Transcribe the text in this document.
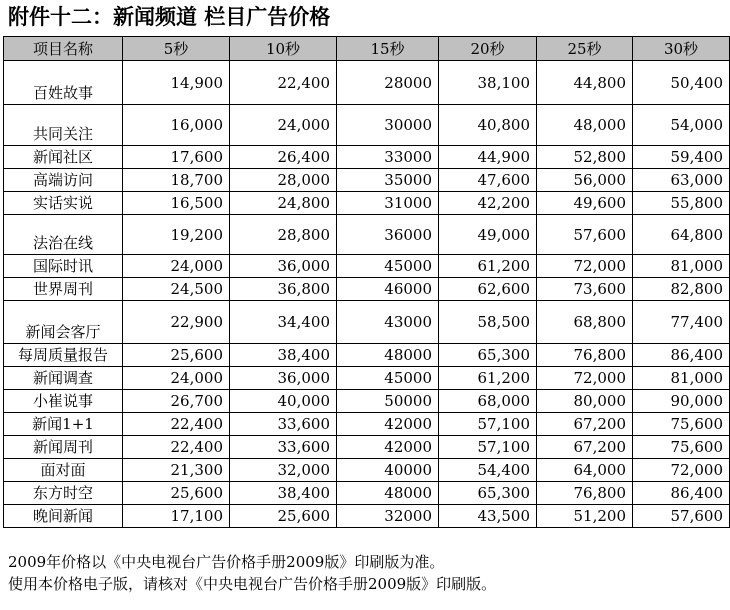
附件十二：新闻频道 栏目广告价格
项目名称	5秒	10秒	15秒	20秒	25秒	30秒
百姓故事	14,900	22,400	28000	38,100	44,800	50,400
共同关注	16,000	24,000	30000	40,800	48,000	54,000
新闻社区	17,600	26,400	33000	44,900	52,800	59,400
高端访问	18,700	28,000	35000	47,600	56,000	63,000
实话实说	16,500	24,800	31000	42,200	49,600	55,800
法治在线	19,200	28,800	36000	49,000	57,600	64,800
国际时讯	24,000	36,000	45000	61,200	72,000	81,000
世界周刊	24,500	36,800	46000	62,600	73,600	82,800
新闻会客厅	22,900	34,400	43000	58,500	68,800	77,400
每周质量报告	25,600	38,400	48000	65,300	76,800	86,400
新闻调查	24,000	36,000	45000	61,200	72,000	81,000
小崔说事	26,700	40,000	50000	68,000	80,000	90,000
新闻1+1	22,400	33,600	42000	57,100	67,200	75,600
新闻周刊	22,400	33,600	42000	57,100	67,200	75,600
面对面	21,300	32,000	40000	54,400	64,000	72,000
东方时空	25,600	38,400	48000	65,300	76,800	86,400
晚间新闻	17,100	25,600	32000	43,500	51,200	57,600
2009年价格以《中央电视台广告价格手册2009版》印刷版为准。
使用本价格电子版，请核对《中央电视台广告价格手册2009版》印刷版。
